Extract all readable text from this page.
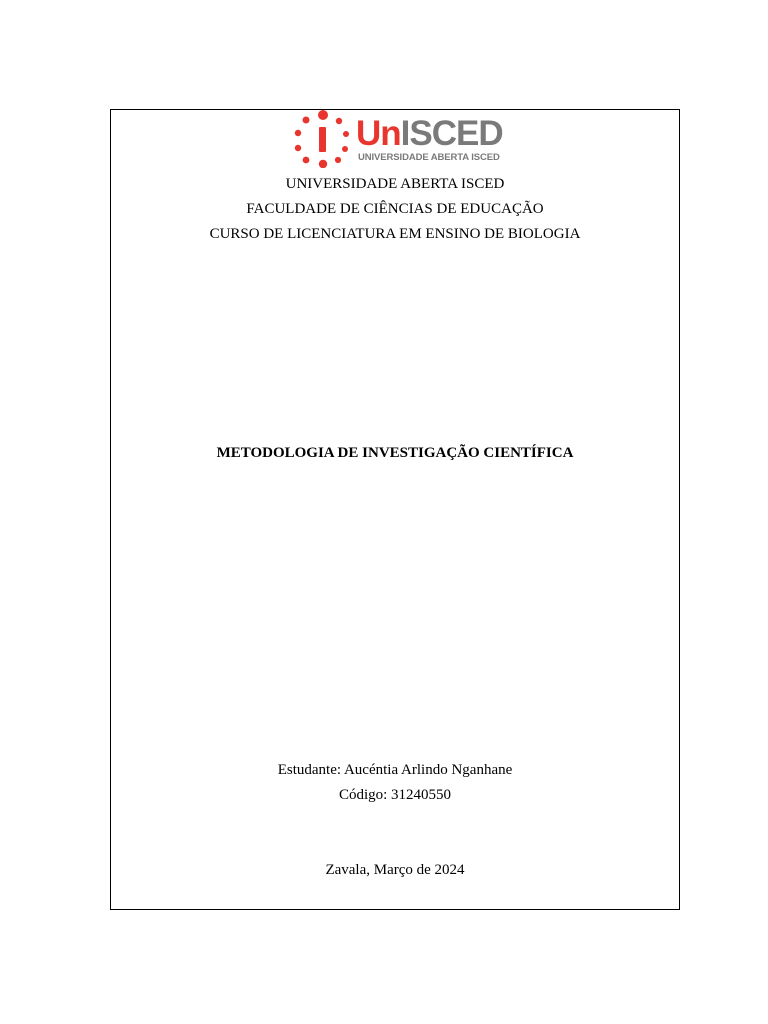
UnISCED
UNIVERSIDADE ABERTA ISCED
UNIVERSIDADE ABERTA ISCED
FACULDADE DE CIÊNCIAS DE EDUCAÇÃO
CURSO DE LICENCIATURA EM ENSINO DE BIOLOGIA
METODOLOGIA DE INVESTIGAÇÃO CIENTÍFICA
Estudante: Aucéntia Arlindo Nganhane
Código: 31240550
Zavala, Março de 2024
